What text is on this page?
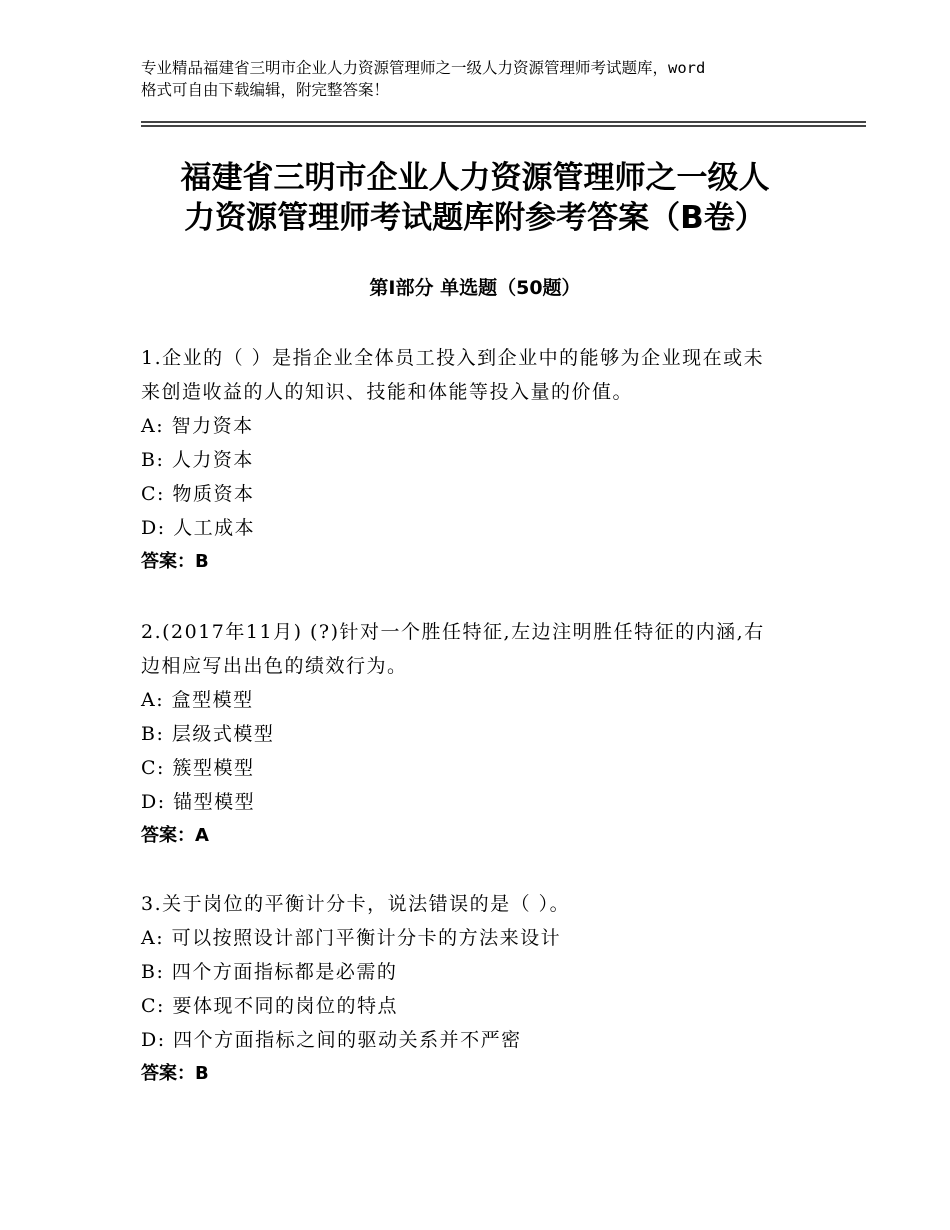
专业精品福建省三明市企业人力资源管理师之一级人力资源管理师考试题库，word
格式可自由下载编辑，附完整答案！
福建省三明市企业人力资源管理师之一级人
力资源管理师考试题库附参考答案（B卷）
第Ⅰ部分 单选题（50题）
1.企业的（ ）是指企业全体员工投入到企业中的能够为企业现在或未
来创造收益的人的知识、技能和体能等投入量的价值。
A: 智力资本
B: 人力资本
C: 物质资本
D: 人工成本
答案：B
2.(2017年11月) (?)针对一个胜任特征,左边注明胜任特征的内涵,右
边相应写出出色的绩效行为。
A: 盒型模型
B: 层级式模型
C: 簇型模型
D: 锚型模型
答案：A
3.关于岗位的平衡计分卡，说法错误的是（ ）。
A: 可以按照设计部门平衡计分卡的方法来设计
B: 四个方面指标都是必需的
C: 要体现不同的岗位的特点
D: 四个方面指标之间的驱动关系并不严密
答案：B
